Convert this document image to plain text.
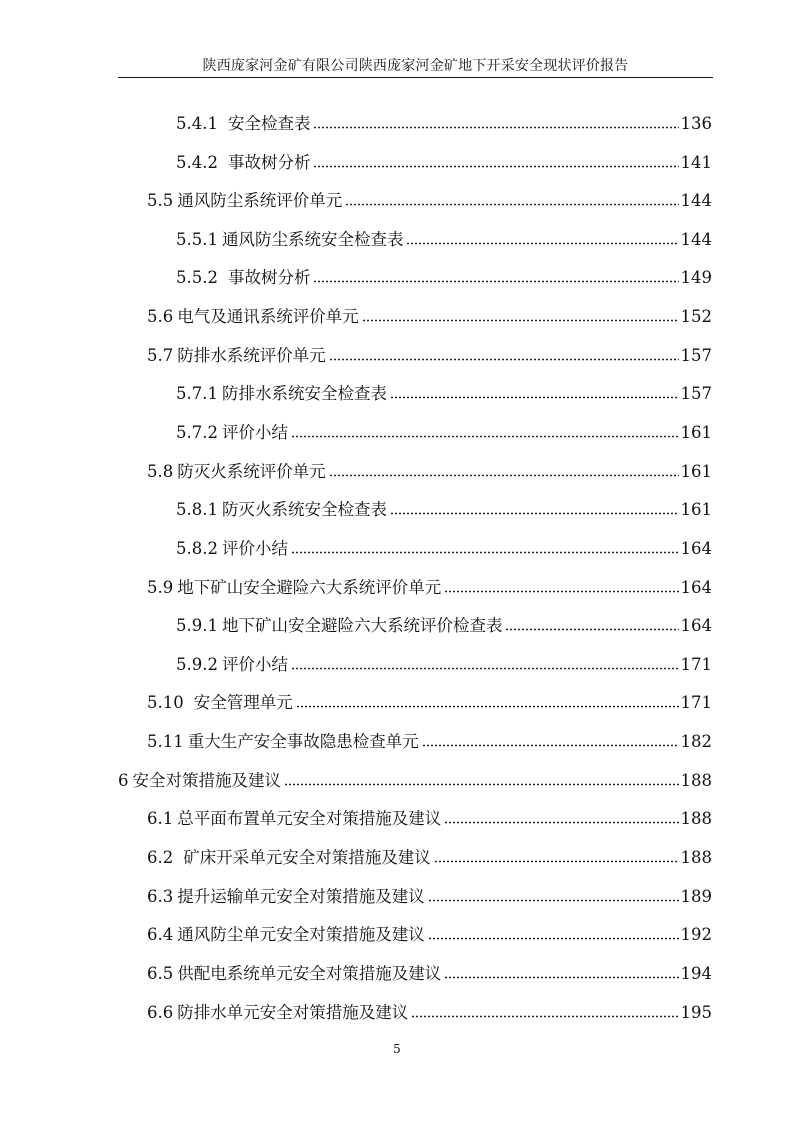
陕西庞家河金矿有限公司陕西庞家河金矿地下开采安全现状评价报告
5.4.1 安全检查表	136
5.4.2 事故树分析	141
5.5 通风防尘系统评价单元	144
5.5.1 通风防尘系统安全检查表	144
5.5.2 事故树分析	149
5.6 电气及通讯系统评价单元	152
5.7 防排水系统评价单元	157
5.7.1 防排水系统安全检查表	157
5.7.2 评价小结	161
5.8 防灭火系统评价单元	161
5.8.1 防灭火系统安全检查表	161
5.8.2 评价小结	164
5.9 地下矿山安全避险六大系统评价单元	164
5.9.1 地下矿山安全避险六大系统评价检查表	164
5.9.2 评价小结	171
5.10 安全管理单元	171
5.11 重大生产安全事故隐患检查单元	182
6 安全对策措施及建议	188
6.1 总平面布置单元安全对策措施及建议	188
6.2 矿床开采单元安全对策措施及建议	188
6.3 提升运输单元安全对策措施及建议	189
6.4 通风防尘单元安全对策措施及建议	192
6.5 供配电系统单元安全对策措施及建议	194
6.6 防排水单元安全对策措施及建议	195
5
